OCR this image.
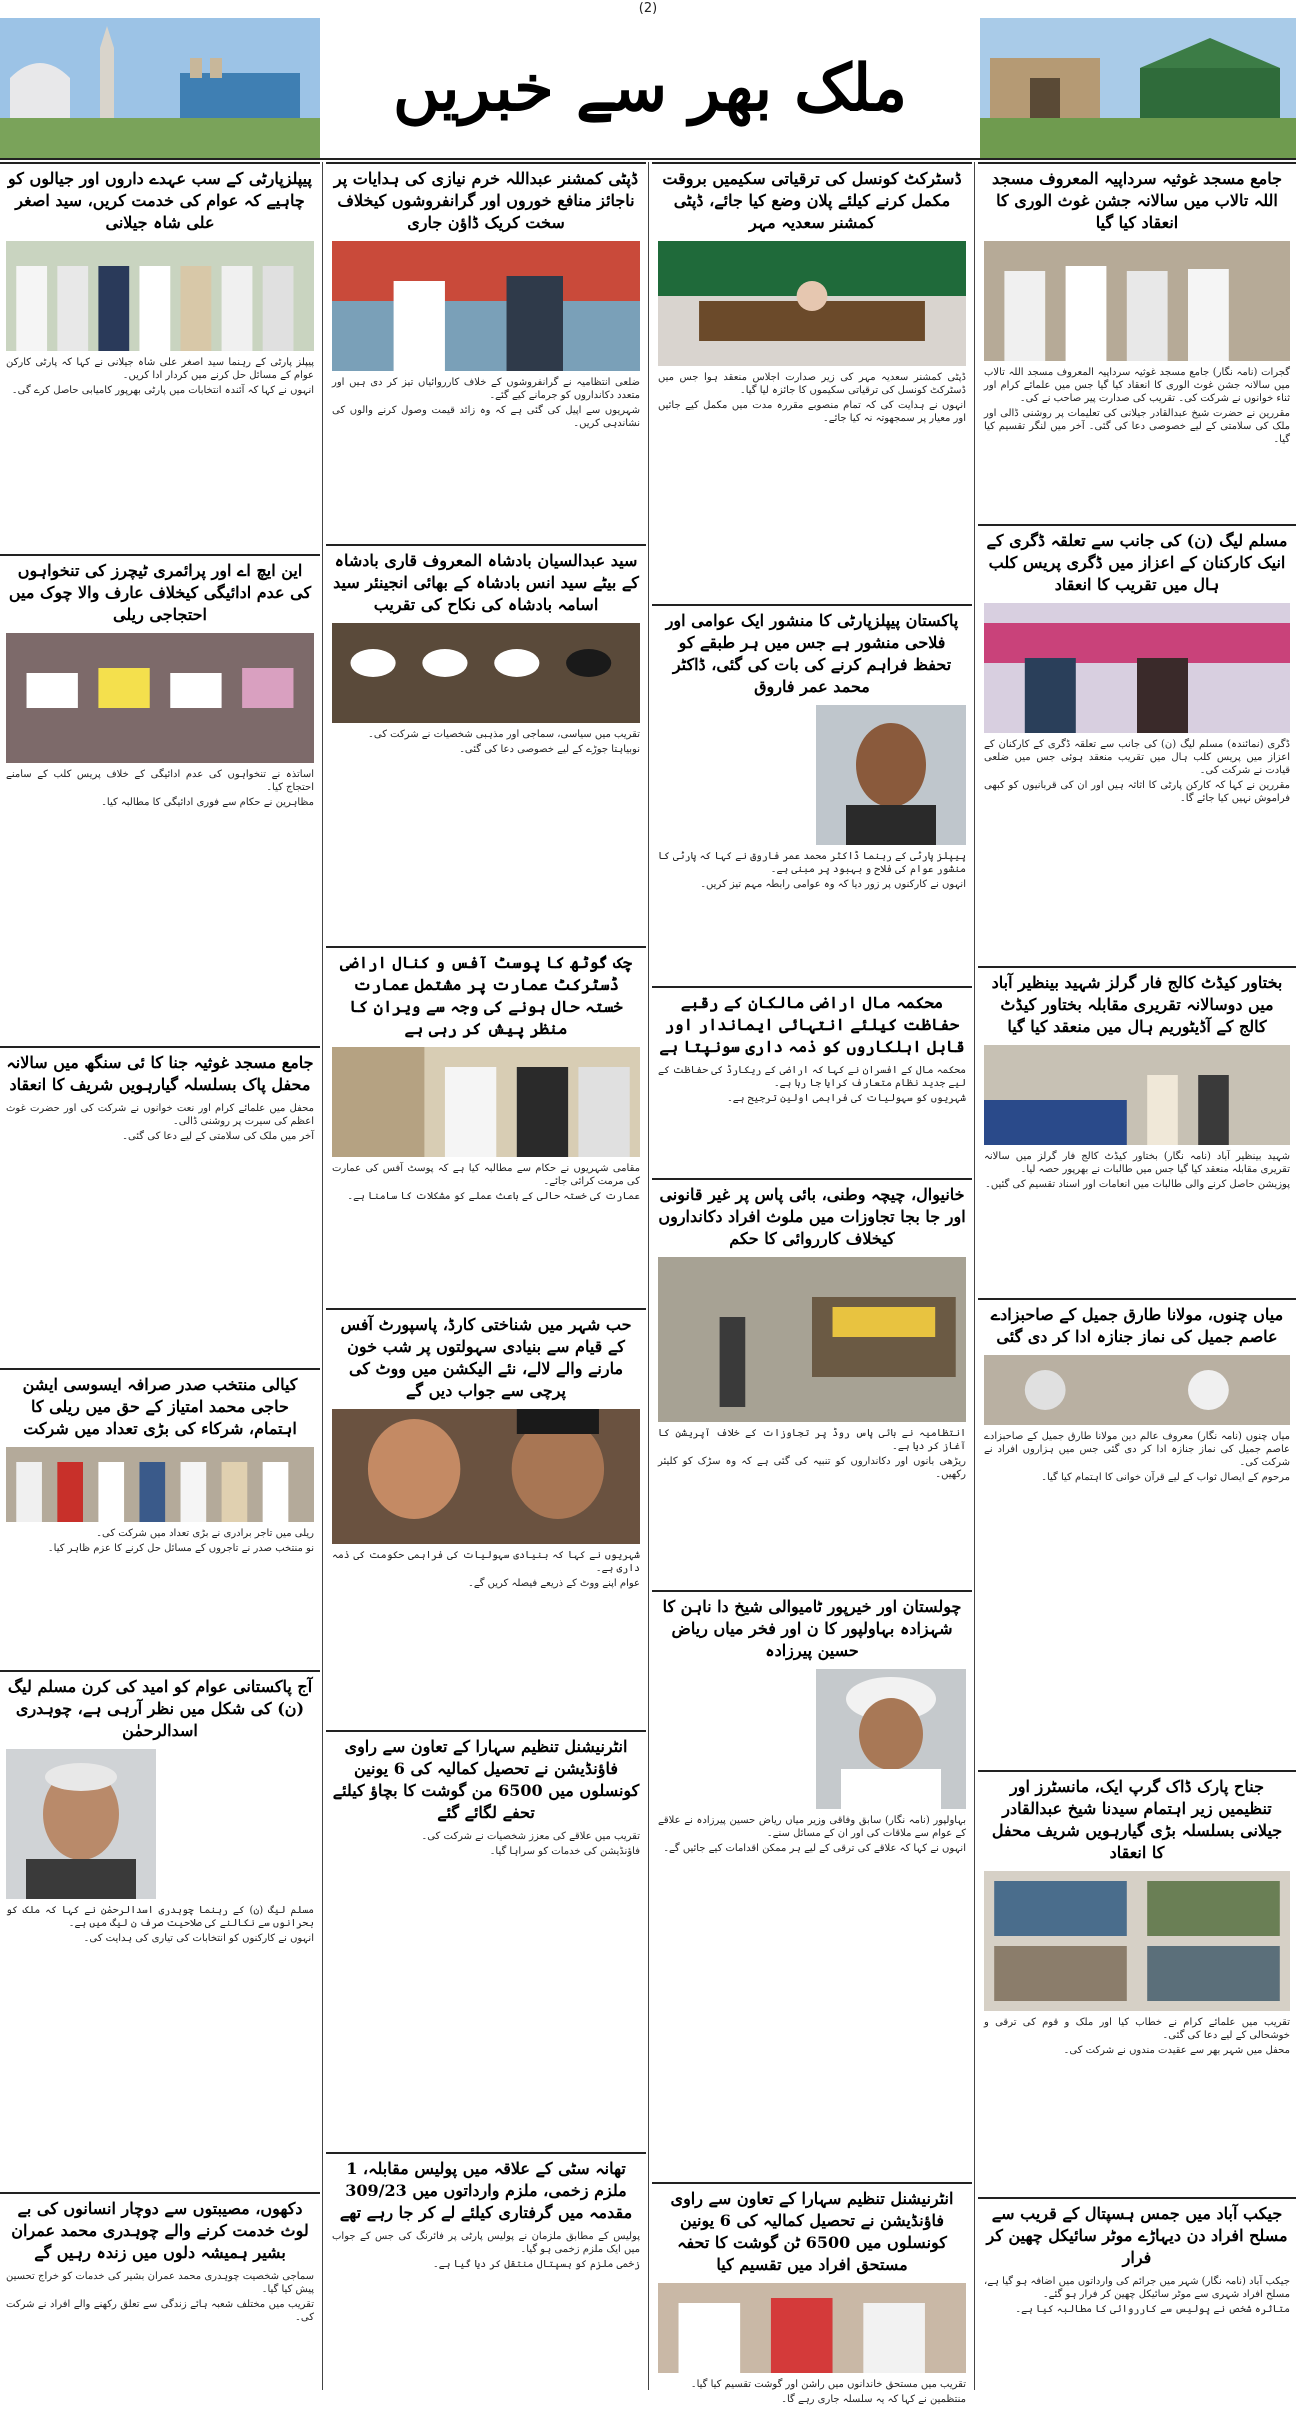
(2)
ملک بھر سے خبریں
جامع مسجد غوثیہ سرداپیہ المعروف مسجد اللہ تالاب میں سالانہ جشن غوث الوری کا انعقاد کیا گیا

گجرات (نامہ نگار) جامع مسجد غوثیہ سرداپیہ المعروف مسجد اللہ تالاب میں سالانہ جشن غوث الوری کا انعقاد کیا گیا جس میں علمائے کرام اور ثناء خوانوں نے شرکت کی۔ تقریب کی صدارت پیر صاحب نے کی۔

مقررین نے حضرت شیخ عبدالقادر جیلانی کی تعلیمات پر روشنی ڈالی اور ملک کی سلامتی کے لیے خصوصی دعا کی گئی۔ آخر میں لنگر تقسیم کیا گیا۔

مسلم لیگ (ن) کی جانب سے تعلقہ ڈگری کے انیک کارکنان کے اعزاز میں ڈگری پریس کلب ہال میں تقریب کا انعقاد

ڈگری (نمائندہ) مسلم لیگ (ن) کی جانب سے تعلقہ ڈگری کے کارکنان کے اعزاز میں پریس کلب ہال میں تقریب منعقد ہوئی جس میں ضلعی قیادت نے شرکت کی۔

مقررین نے کہا کہ کارکن پارٹی کا اثاثہ ہیں اور ان کی قربانیوں کو کبھی فراموش نہیں کیا جائے گا۔

بختاور کیڈٹ کالج فار گرلز شہید بینظیر آباد میں دوسالانہ تقریری مقابلہ بختاور کیڈٹ کالج کے آڈیٹوریم ہال میں منعقد کیا گیا

شہید بینظیر آباد (نامہ نگار) بختاور کیڈٹ کالج فار گرلز میں سالانہ تقریری مقابلہ منعقد کیا گیا جس میں طالبات نے بھرپور حصہ لیا۔

پوزیشن حاصل کرنے والی طالبات میں انعامات اور اسناد تقسیم کی گئیں۔

میاں چنوں، مولانا طارق جمیل کے صاحبزادے عاصم جمیل کی نماز جنازہ ادا کر دی گئی

میاں چنوں (نامہ نگار) معروف عالم دین مولانا طارق جمیل کے صاحبزادے عاصم جمیل کی نماز جنازہ ادا کر دی گئی جس میں ہزاروں افراد نے شرکت کی۔

مرحوم کے ایصال ثواب کے لیے قرآن خوانی کا اہتمام کیا گیا۔

جناح پارک ڈاک گرپ ایک، مانسٹرز اور تنظیمیں زیر اہتمام سیدنا شیخ عبدالقادر جیلانی بسلسلہ بڑی گیارہویں شریف محفل کا انعقاد

تقریب میں علمائے کرام نے خطاب کیا اور ملک و قوم کی ترقی و خوشحالی کے لیے دعا کی گئی۔

محفل میں شہر بھر سے عقیدت مندوں نے شرکت کی۔

جیکب آباد میں جمس ہسپتال کے قریب سے مسلح افراد دن دیہاڑے موٹر سائیکل چھین کر فرار

جیکب آباد (نامہ نگار) شہر میں جرائم کی وارداتوں میں اضافہ ہو گیا ہے، مسلح افراد شہری سے موٹر سائیکل چھین کر فرار ہو گئے۔

متاثرہ شخص نے پولیس سے کارروائی کا مطالبہ کیا ہے۔

ڈسٹرکٹ کونسل کی ترقیاتی سکیمیں بروقت مکمل کرنے کیلئے پلان وضع کیا جائے، ڈپٹی کمشنر سعدیہ مہر

ڈپٹی کمشنر سعدیہ مہر کی زیر صدارت اجلاس منعقد ہوا جس میں ڈسٹرکٹ کونسل کی ترقیاتی سکیموں کا جائزہ لیا گیا۔

انہوں نے ہدایت کی کہ تمام منصوبے مقررہ مدت میں مکمل کیے جائیں اور معیار پر سمجھوتہ نہ کیا جائے۔

پاکستان پیپلزپارٹی کا منشور ایک عوامی اور فلاحی منشور ہے جس میں ہر طبقے کو تحفظ فراہم کرنے کی بات کی گئی، ڈاکٹر محمد عمر فاروق

پیپلز پارٹی کے رہنما ڈاکٹر محمد عمر فاروق نے کہا کہ پارٹی کا منشور عوام کی فلاح و بہبود پر مبنی ہے۔

انہوں نے کارکنوں پر زور دیا کہ وہ عوامی رابطہ مہم تیز کریں۔

محکمہ مال اراضی مالکان کے رقبے حفاظت کیلئے انتہائی ایماندار اور قابل اہلکاروں کو ذمہ داری سونپتا ہے

محکمہ مال کے افسران نے کہا کہ اراضی کے ریکارڈ کی حفاظت کے لیے جدید نظام متعارف کرایا جا رہا ہے۔

شہریوں کو سہولیات کی فراہمی اولین ترجیح ہے۔

خانیوال، چیچہ وطنی، بائی پاس پر غیر قانونی اور جا بجا تجاوزات میں ملوث افراد دکانداروں کیخلاف کارروائی کا حکم

انتظامیہ نے بائی پاس روڈ پر تجاوزات کے خلاف آپریشن کا آغاز کر دیا ہے۔

ریڑھی بانوں اور دکانداروں کو تنبیہ کی گئی ہے کہ وہ سڑک کو کلیئر رکھیں۔

چولستان اور خیرپور ٹامیوالی شیخ دا ناہن کا شہزادہ بہاولپور کا ن اور فخر میاں ریاض حسین پیرزادہ

بہاولپور (نامہ نگار) سابق وفاقی وزیر میاں ریاض حسین پیرزادہ نے علاقے کے عوام سے ملاقات کی اور ان کے مسائل سنے۔

انہوں نے کہا کہ علاقے کی ترقی کے لیے ہر ممکن اقدامات کیے جائیں گے۔

انٹرنیشنل تنظیم سہارا کے تعاون سے راوی فاؤنڈیشن نے تحصیل کمالیہ کی 6 یونین کونسلوں میں 6500 ٹن گوشت کا تحفہ مستحق افراد میں تقسیم کیا

تقریب میں مستحق خاندانوں میں راشن اور گوشت تقسیم کیا گیا۔

منتظمین نے کہا کہ یہ سلسلہ جاری رہے گا۔

ڈپٹی کمشنر عبداللہ خرم نیازی کی ہدایات پر ناجائز منافع خوروں اور گرانفروشوں کیخلاف سخت کریک ڈاؤن جاری

ضلعی انتظامیہ نے گرانفروشوں کے خلاف کارروائیاں تیز کر دی ہیں اور متعدد دکانداروں کو جرمانے کیے گئے۔

شہریوں سے اپیل کی گئی ہے کہ وہ زائد قیمت وصول کرنے والوں کی نشاندہی کریں۔

سید عبدالسیان بادشاہ المعروف قاری بادشاہ کے بیٹے سید انس بادشاہ کے بھائی انجینئر سید اسامہ بادشاہ کی نکاح کی تقریب

تقریب میں سیاسی، سماجی اور مذہبی شخصیات نے شرکت کی۔

نوبیاہتا جوڑے کے لیے خصوصی دعا کی گئی۔

چک گوٹھ کا پوسٹ آفس و کنال اراضی ڈسٹرکٹ عمارت پر مشتمل عمارت خستہ حال ہونے کی وجہ سے ویران کا منظر پیش کر رہی ہے

مقامی شہریوں نے حکام سے مطالبہ کیا ہے کہ پوسٹ آفس کی عمارت کی مرمت کرائی جائے۔

عمارت کی خستہ حالی کے باعث عملے کو مشکلات کا سامنا ہے۔

حب شہر میں شناختی کارڈ، پاسپورٹ آفس کے قیام سے بنیادی سہولتوں پر شب خون مارنے والے لالے، نئے الیکشن میں ووٹ کی پرچی سے جواب دیں گے

شہریوں نے کہا کہ بنیادی سہولیات کی فراہمی حکومت کی ذمہ داری ہے۔

عوام اپنے ووٹ کے ذریعے فیصلہ کریں گے۔

انٹرنیشنل تنظیم سہارا کے تعاون سے راوی فاؤنڈیشن نے تحصیل کمالیہ کی 6 یونین کونسلوں میں 6500 من گوشت کا بچاؤ کیلئے تحفے لگائے گئے

تقریب میں علاقے کی معزز شخصیات نے شرکت کی۔

فاؤنڈیشن کی خدمات کو سراہا گیا۔

تھانہ سٹی کے علاقہ میں پولیس مقابلہ، 1 ملزم زخمی، ملزم وارداتوں میں 309/23 مقدمہ میں گرفتاری کیلئے لے کر جا رہے تھے

پولیس کے مطابق ملزمان نے پولیس پارٹی پر فائرنگ کی جس کے جواب میں ایک ملزم زخمی ہو گیا۔

زخمی ملزم کو ہسپتال منتقل کر دیا گیا ہے۔

پیپلزپارٹی کے سب عہدے داروں اور جیالوں کو چاہیے کہ عوام کی خدمت کریں، سید اصغر علی شاہ جیلانی

پیپلز پارٹی کے رہنما سید اصغر علی شاہ جیلانی نے کہا کہ پارٹی کارکن عوام کے مسائل حل کرنے میں کردار ادا کریں۔

انہوں نے کہا کہ آئندہ انتخابات میں پارٹی بھرپور کامیابی حاصل کرے گی۔

این ایچ اے اور پرائمری ٹیچرز کی تنخواہوں کی عدم ادائیگی کیخلاف عارف والا چوک میں احتجاجی ریلی

اساتذہ نے تنخواہوں کی عدم ادائیگی کے خلاف پریس کلب کے سامنے احتجاج کیا۔

مظاہرین نے حکام سے فوری ادائیگی کا مطالبہ کیا۔

جامع مسجد غوثیہ جنا کا ئی سنگھ میں سالانہ محفل پاک بسلسلہ گیارہویں شریف کا انعقاد

محفل میں علمائے کرام اور نعت خوانوں نے شرکت کی اور حضرت غوث اعظم کی سیرت پر روشنی ڈالی۔

آخر میں ملک کی سلامتی کے لیے دعا کی گئی۔

کیالی منتخب صدر صرافہ ایسوسی ایشن حاجی محمد امتیاز کے حق میں ریلی کا اہتمام، شرکاء کی بڑی تعداد میں شرکت

ریلی میں تاجر برادری نے بڑی تعداد میں شرکت کی۔

نو منتخب صدر نے تاجروں کے مسائل حل کرنے کا عزم ظاہر کیا۔

آج پاکستانی عوام کو امید کی کرن مسلم لیگ (ن) کی شکل میں نظر آرہی ہے، چوہدری اسدالرحمٰن

مسلم لیگ (ن) کے رہنما چوہدری اسدالرحمٰن نے کہا کہ ملک کو بحرانوں سے نکالنے کی صلاحیت صرف ن لیگ میں ہے۔

انہوں نے کارکنوں کو انتخابات کی تیاری کی ہدایت کی۔

دکھوں، مصیبتوں سے دوچار انسانوں کی بے لوث خدمت کرنے والے چوہدری محمد عمران بشیر ہمیشہ دلوں میں زندہ رہیں گے

سماجی شخصیت چوہدری محمد عمران بشیر کی خدمات کو خراج تحسین پیش کیا گیا۔

تقریب میں مختلف شعبہ ہائے زندگی سے تعلق رکھنے والے افراد نے شرکت کی۔
